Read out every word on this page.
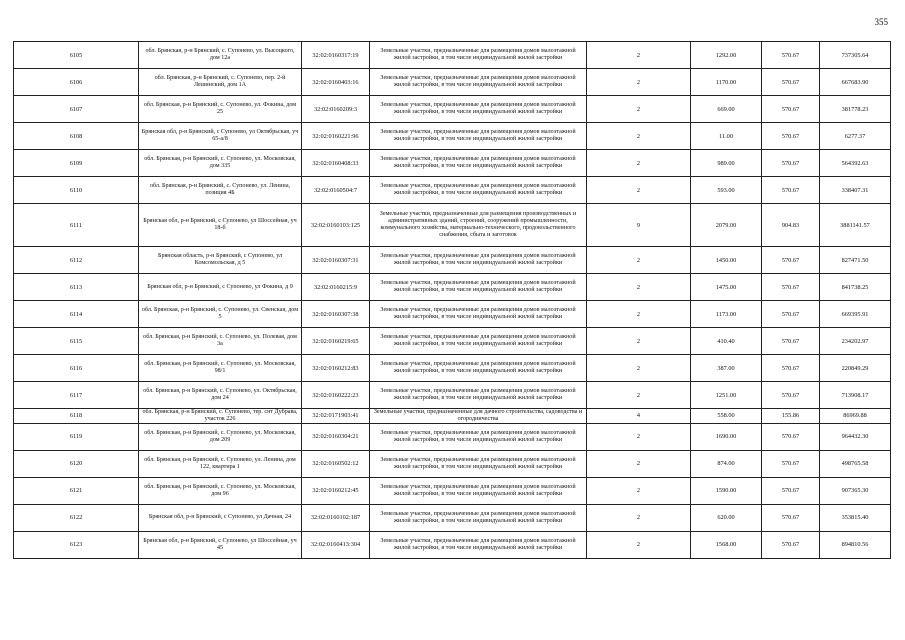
355
6105	обл. Брянская, р-н Брянский, с. Супонево, ул. Высоцкого, дом 12а	32:02:0160317:19	Земельные участки, предназначенные для размещения домов малоэтажной жилой застройки, в том числе индивидуальной жилой застройки	2	1292.00	570.67	737305.64
6106	обл. Брянская, р-н Брянский, с. Супонево, пер. 2-й Лешинский, дом 1А	32:02:0160403:16	Земельные участки, предназначенные для размещения домов малоэтажной жилой застройки, в том числе индивидуальной жилой застройки	2	1170.00	570.67	667683.90
6107	обл. Брянская, р-н Брянский, с. Супонево, ул. Фокина, дом 25	32:02:0160209:3	Земельные участки, предназначенные для размещения домов малоэтажной жилой застройки, в том числе индивидуальной жилой застройки	2	669.00	570.67	381778.23
6108	Брянская обл, р-н Брянский, с Супонево, ул Октябрьская, уч 65-а/8	32:02:0160221:96	Земельные участки, предназначенные для размещения домов малоэтажной жилой застройки, в том числе индивидуальной жилой застройки	2	11.00	570.67	6277.37
6109	обл. Брянская, р-н Брянский, с. Супонево, ул. Московская, дом 335	32:02:0160408:33	Земельные участки, предназначенные для размещения домов малоэтажной жилой застройки, в том числе индивидуальной жилой застройки	2	989.00	570.67	564392.63
6110	обл. Брянская, р-н Брянский, с. Супонево, ул. Ленина, позиция 4Б	32:02:0160504:7	Земельные участки, предназначенные для размещения домов малоэтажной жилой застройки, в том числе индивидуальной жилой застройки	2	593.00	570.67	338407.31
6111	Брянская обл, р-н Брянский, с Супонево, ул Шоссейная, уч 18-б	32:02:0160103:125	Земельные участки, предназначенные для размещения производственных и административных зданий, строений, сооружений промышленности, коммунального хозяйства, материально-технического, продовольственного снабжения, сбыта и заготовок	9	2079.00	904.83	3881141.57
6112	Брянская область, р-н Брянский, с Супонево, ул Комсомольская, д 5	32:02:0160307:31	Земельные участки, предназначенные для размещения домов малоэтажной жилой застройки, в том числе индивидуальной жилой застройки	2	1450.00	570.67	827471.50
6113	Брянская обл, р-н Брянский, с Супонево, ул Фокина, д 9	32:02:0160215:9	Земельные участки, предназначенные для размещения домов малоэтажной жилой застройки, в том числе индивидуальной жилой застройки	2	1475.00	570.67	841738.25
6114	обл. Брянская, р-н Брянский, с. Супонево, ул. Свенская, дом 5	32:02:0160307:38	Земельные участки, предназначенные для размещения домов малоэтажной жилой застройки, в том числе индивидуальной жилой застройки	2	1173.00	570.67	669395.91
6115	обл. Брянская, р-н Брянский, с. Супонево, ул. Полевая, дом 3а	32:02:0160219:65	Земельные участки, предназначенные для размещения домов малоэтажной жилой застройки, в том числе индивидуальной жилой застройки	2	410.40	570.67	234202.97
6116	обл. Брянская, р-н Брянский, с. Супонево, ул. Московская, 98/1	32:02:0160212:83	Земельные участки, предназначенные для размещения домов малоэтажной жилой застройки, в том числе индивидуальной жилой застройки	2	387.00	570.67	220849.29
6117	обл. Брянская, р-н Брянский, с. Супонево, ул. Октябрьская, дом 24	32:02:0160222:23	Земельные участки, предназначенные для размещения домов малоэтажной жилой застройки, в том числе индивидуальной жилой застройки	2	1251.00	570.67	713908.17
6118	обл. Брянская, р-н Брянский, с. Супонево, тер. снт Дубрава, участок 226	32:02:0171903:41	Земельные участки, предназначенные для дачного строительства, садоводства и огородничества	4	558.00	155.86	86969.88
6119	обл. Брянская, р-н Брянский, с. Супонево, ул. Московская, дом 209	32:02:0160304:21	Земельные участки, предназначенные для размещения домов малоэтажной жилой застройки, в том числе индивидуальной жилой застройки	2	1690.00	570.67	964432.30
6120	обл. Брянская, р-н Брянский, с. Супонево, ул. Ленина, дом 122, квартира 1	32:02:0160502:12	Земельные участки, предназначенные для размещения домов малоэтажной жилой застройки, в том числе индивидуальной жилой застройки	2	874.00	570.67	498765.58
6121	обл. Брянская, р-н Брянский, с. Супонево, ул. Московская, дом 96	32:02:0160212:45	Земельные участки, предназначенные для размещения домов малоэтажной жилой застройки, в том числе индивидуальной жилой застройки	2	1590.00	570.67	907365.30
6122	Брянская обл, р-н Брянский, с Супонево, ул Дачная, 24	32:02:0160102:187	Земельные участки, предназначенные для размещения домов малоэтажной жилой застройки, в том числе индивидуальной жилой застройки	2	620.00	570.67	353815.40
6123	Брянская обл, р-н Брянский, с Супонево, ул Шоссейная, уч 45	32:02:0160413:304	Земельные участки, предназначенные для размещения домов малоэтажной жилой застройки, в том числе индивидуальной жилой застройки	2	1568.00	570.67	894810.56
